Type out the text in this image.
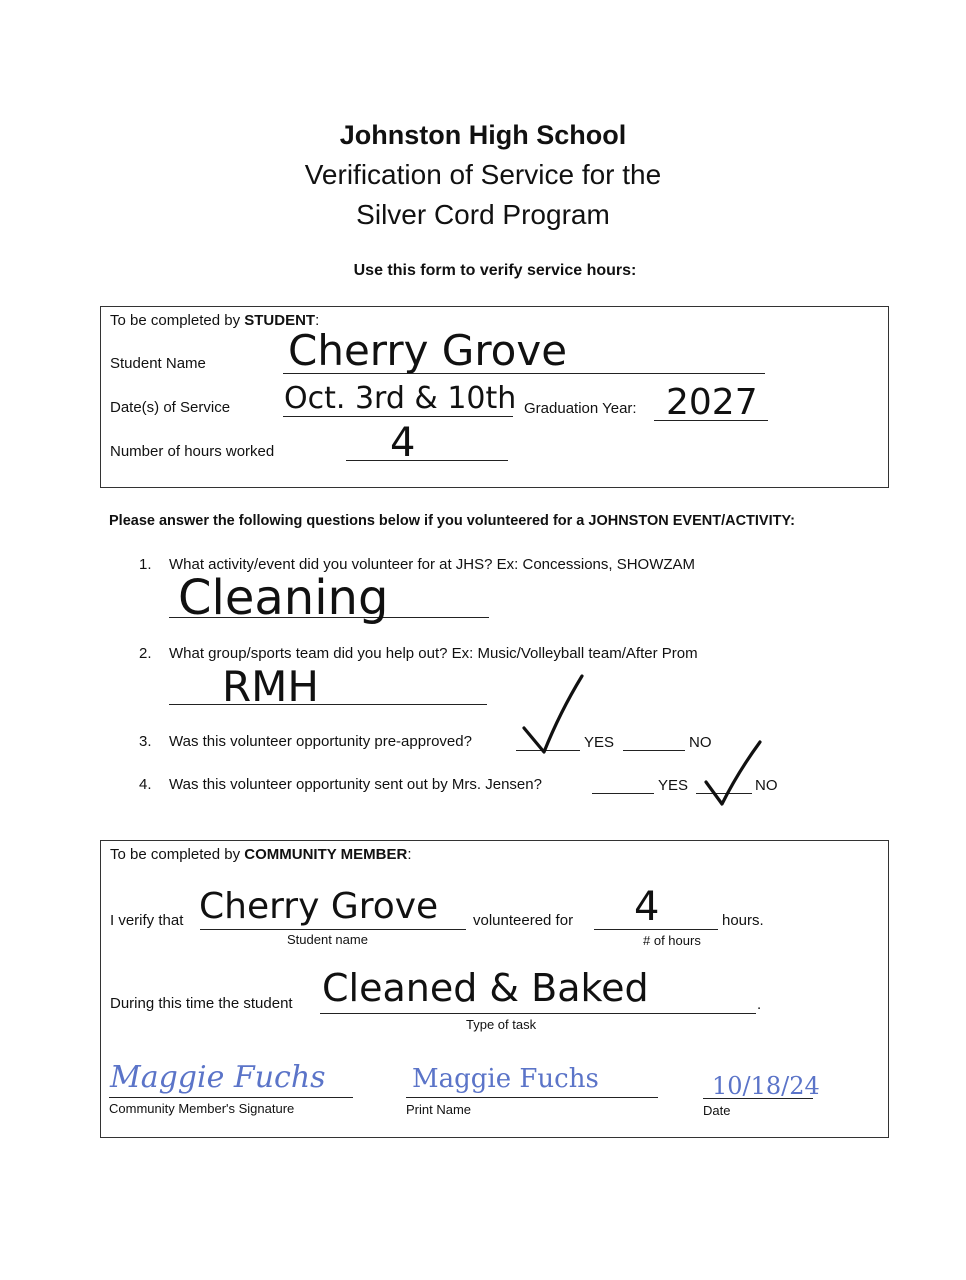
Johnston High School
Verification of Service for the
Silver Cord Program
Use this form to verify service hours:
To be completed by STUDENT:
Student Name Cherry Grove
Date(s) of Service Oct. 3rd & 10th Graduation Year: 2027
Number of hours worked	4
Please answer the following questions below if you volunteered for a JOHNSTON EVENT/ACTIVITY:
1. What activity/event did you volunteer for at JHS? Ex: Concessions, SHOWZAM
Cleaning
2. What group/sports team did you help out? Ex: Music/Volleyball team/After Prom
RMH
3. Was this volunteer opportunity pre-approved?	YES	NO
4. Was this volunteer opportunity sent out by Mrs. Jensen?	YES	NO
To be completed by COMMUNITY MEMBER:
I verify that Cherry Grove
Student name
volunteered for 4
# of hours
hours.
During this time the student Cleaned & Baked	.
Type of task
Maggie Fuchs
Community Member's Signature
Maggie Fuchs
Print Name
10/18/24
Date
